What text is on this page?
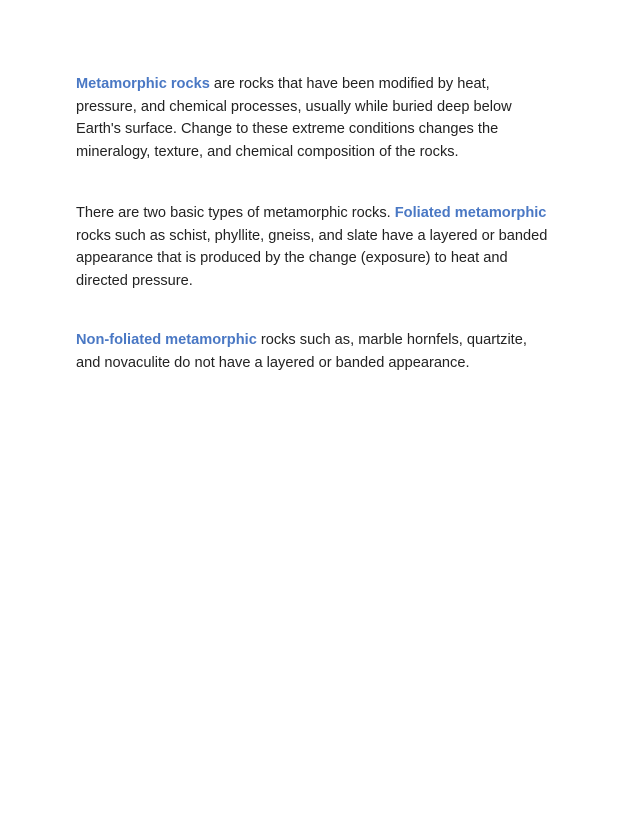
Metamorphic rocks are rocks that have been modified by heat,
pressure, and chemical processes, usually while buried deep below
Earth's surface. Change to these extreme conditions changes the
mineralogy, texture, and chemical composition of the rocks.

There are two basic types of metamorphic rocks. Foliated metamorphic
rocks such as schist, phyllite, gneiss, and slate have a layered or banded
appearance that is produced by the change (exposure) to heat and
directed pressure.

Non-foliated metamorphic rocks such as, marble hornfels, quartzite,
and novaculite do not have a layered or banded appearance.
